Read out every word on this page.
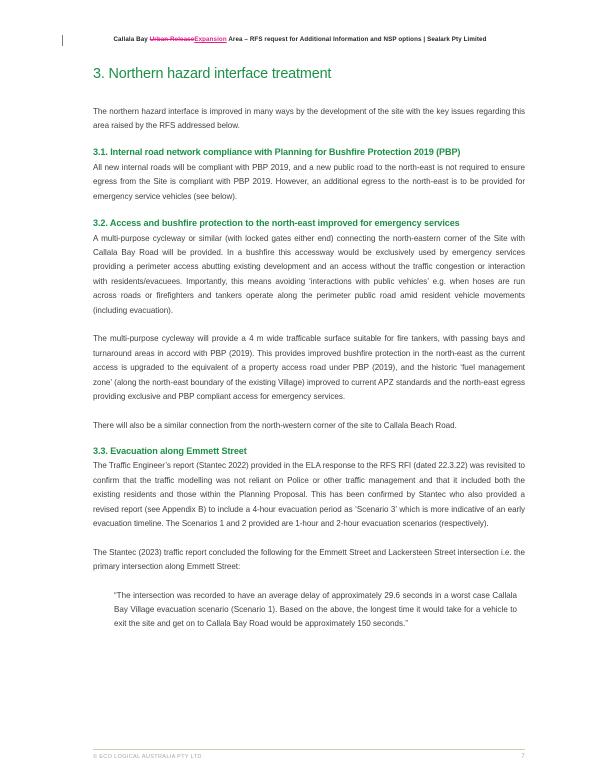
Callala Bay Urban ReleaseExpansion Area – RFS request for Additional Information and NSP options | Sealark Pty Limited
3. Northern hazard interface treatment

The northern hazard interface is improved in many ways by the development of the site with the key issues regarding this area raised by the RFS addressed below.

3.1. Internal road network compliance with Planning for Bushfire Protection 2019 (PBP)

All new internal roads will be compliant with PBP 2019, and a new public road to the north-east is not required to ensure egress from the Site is compliant with PBP 2019. However, an additional egress to the north-east is to be provided for emergency service vehicles (see below).

3.2. Access and bushfire protection to the north-east improved for emergency services

A multi-purpose cycleway or similar (with locked gates either end) connecting the north-eastern corner of the Site with Callala Bay Road will be provided. In a bushfire this accessway would be exclusively used by emergency services providing a perimeter access abutting existing development and an access without the traffic congestion or interaction with residents/evacuees. Importantly, this means avoiding ‘interactions with public vehicles’ e.g. when hoses are run across roads or firefighters and tankers operate along the perimeter public road amid resident vehicle movements (including evacuation).

The multi-purpose cycleway will provide a 4 m wide trafficable surface suitable for fire tankers, with passing bays and turnaround areas in accord with PBP (2019). This provides improved bushfire protection in the north-east as the current access is upgraded to the equivalent of a property access road under PBP (2019), and the historic ‘fuel management zone’ (along the north-east boundary of the existing Village) improved to current APZ standards and the north-east egress providing exclusive and PBP compliant access for emergency services.

There will also be a similar connection from the north-western corner of the site to Callala Beach Road.

3.3. Evacuation along Emmett Street

The Traffic Engineer’s report (Stantec 2022) provided in the ELA response to the RFS RFI (dated 22.3.22) was revisited to confirm that the traffic modelling was not reliant on Police or other traffic management and that it included both the existing residents and those within the Planning Proposal. This has been confirmed by Stantec who also provided a revised report (see Appendix B) to include a 4-hour evacuation period as ‘Scenario 3’ which is more indicative of an early evacuation timeline. The Scenarios 1 and 2 provided are 1-hour and 2-hour evacuation scenarios (respectively).

The Stantec (2023) traffic report concluded the following for the Emmett Street and Lackersteen Street intersection i.e. the primary intersection along Emmett Street:

“The intersection was recorded to have an average delay of approximately 29.6 seconds in a worst case Callala Bay Village evacuation scenario (Scenario 1). Based on the above, the longest time it would take for a vehicle to exit the site and get on to Callala Bay Road would be approximately 150 seconds.”

© ECO LOGICAL AUSTRALIA PTY LTD	7
